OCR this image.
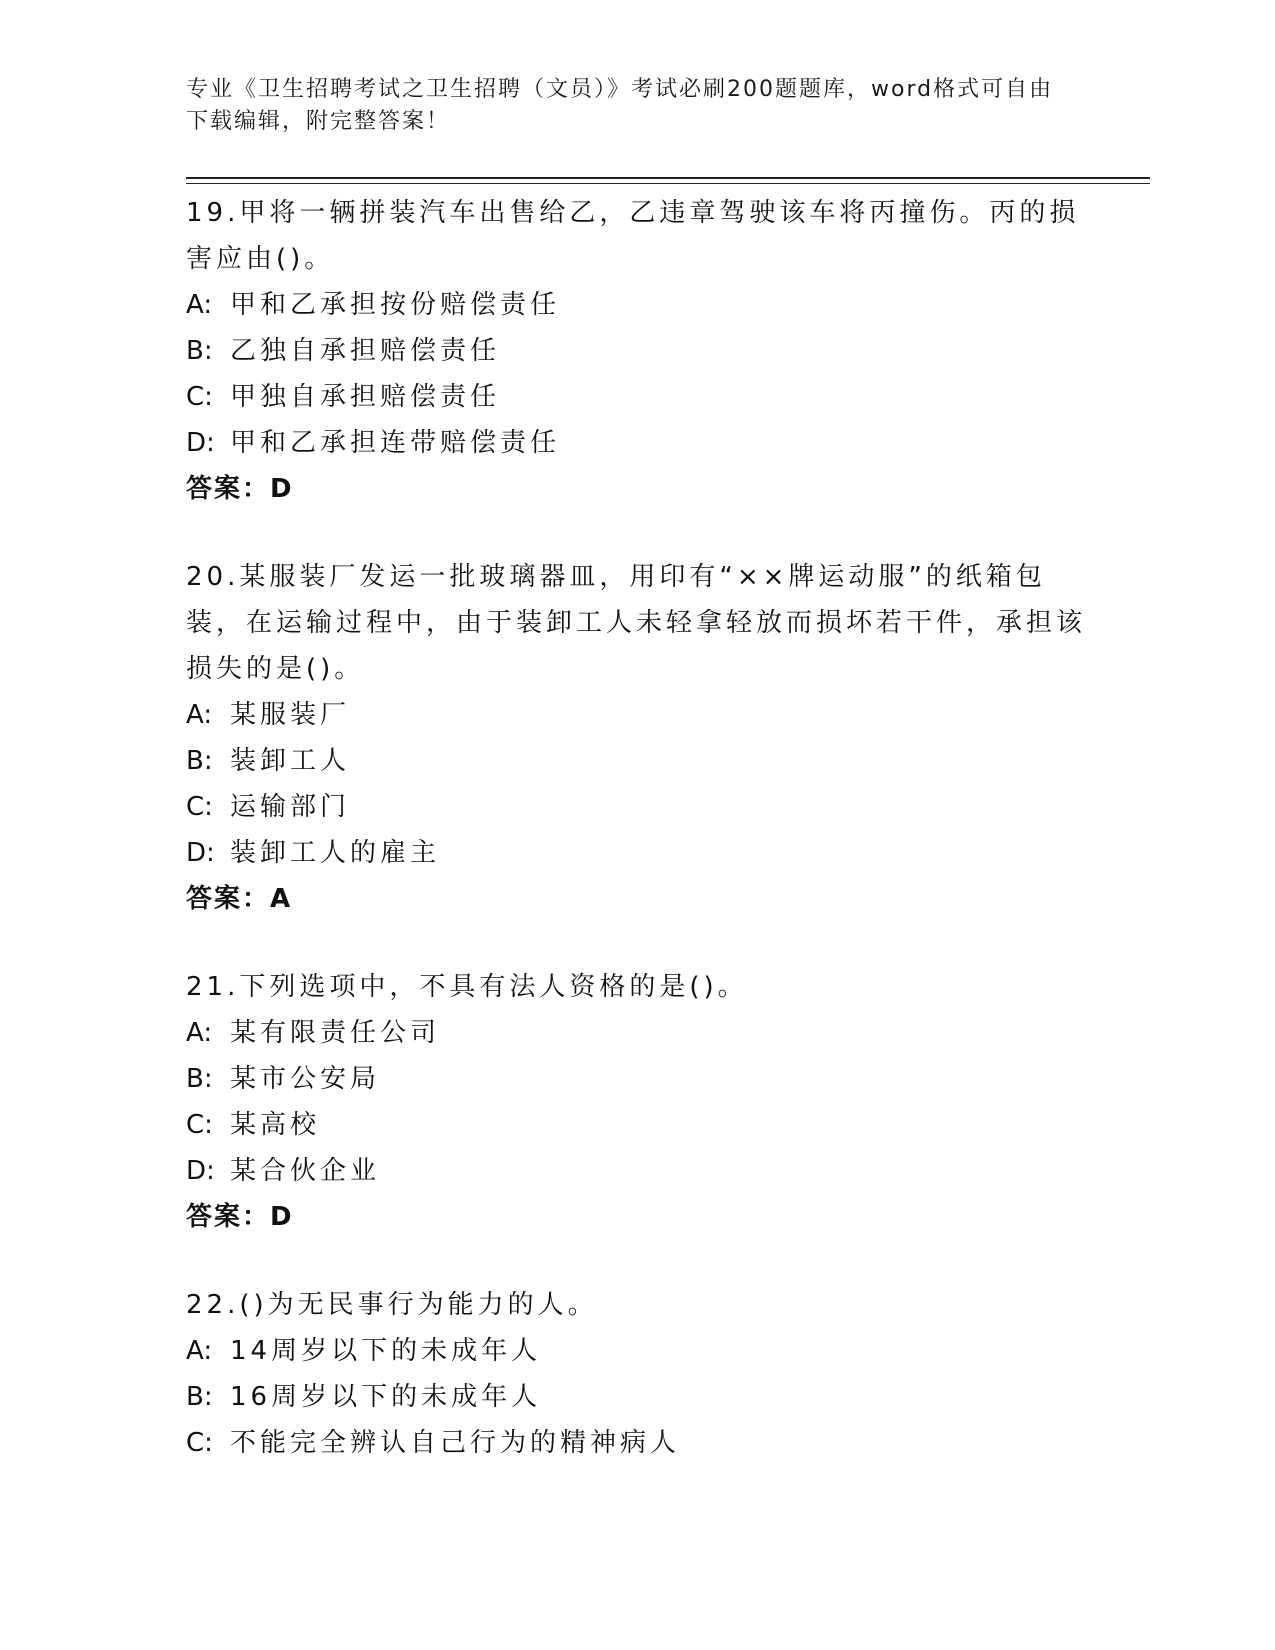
专业《卫生招聘考试之卫生招聘（文员）》考试必刷200题题库，word格式可自由下载编辑，附完整答案！

19.甲将一辆拼装汽车出售给乙，乙违章驾驶该车将丙撞伤。丙的损害应由()。

A: 甲和乙承担按份赔偿责任

B: 乙独自承担赔偿责任

C: 甲独自承担赔偿责任

D: 甲和乙承担连带赔偿责任

答案：D

20.某服装厂发运一批玻璃器皿，用印有“××牌运动服”的纸箱包装，在运输过程中，由于装卸工人未轻拿轻放而损坏若干件，承担该损失的是()。

A: 某服装厂

B: 装卸工人

C: 运输部门

D: 装卸工人的雇主

答案：A

21.下列选项中，不具有法人资格的是()。

A: 某有限责任公司

B: 某市公安局

C: 某高校

D: 某合伙企业

答案：D

22.()为无民事行为能力的人。

A: 14周岁以下的未成年人

B: 16周岁以下的未成年人

C: 不能完全辨认自己行为的精神病人
